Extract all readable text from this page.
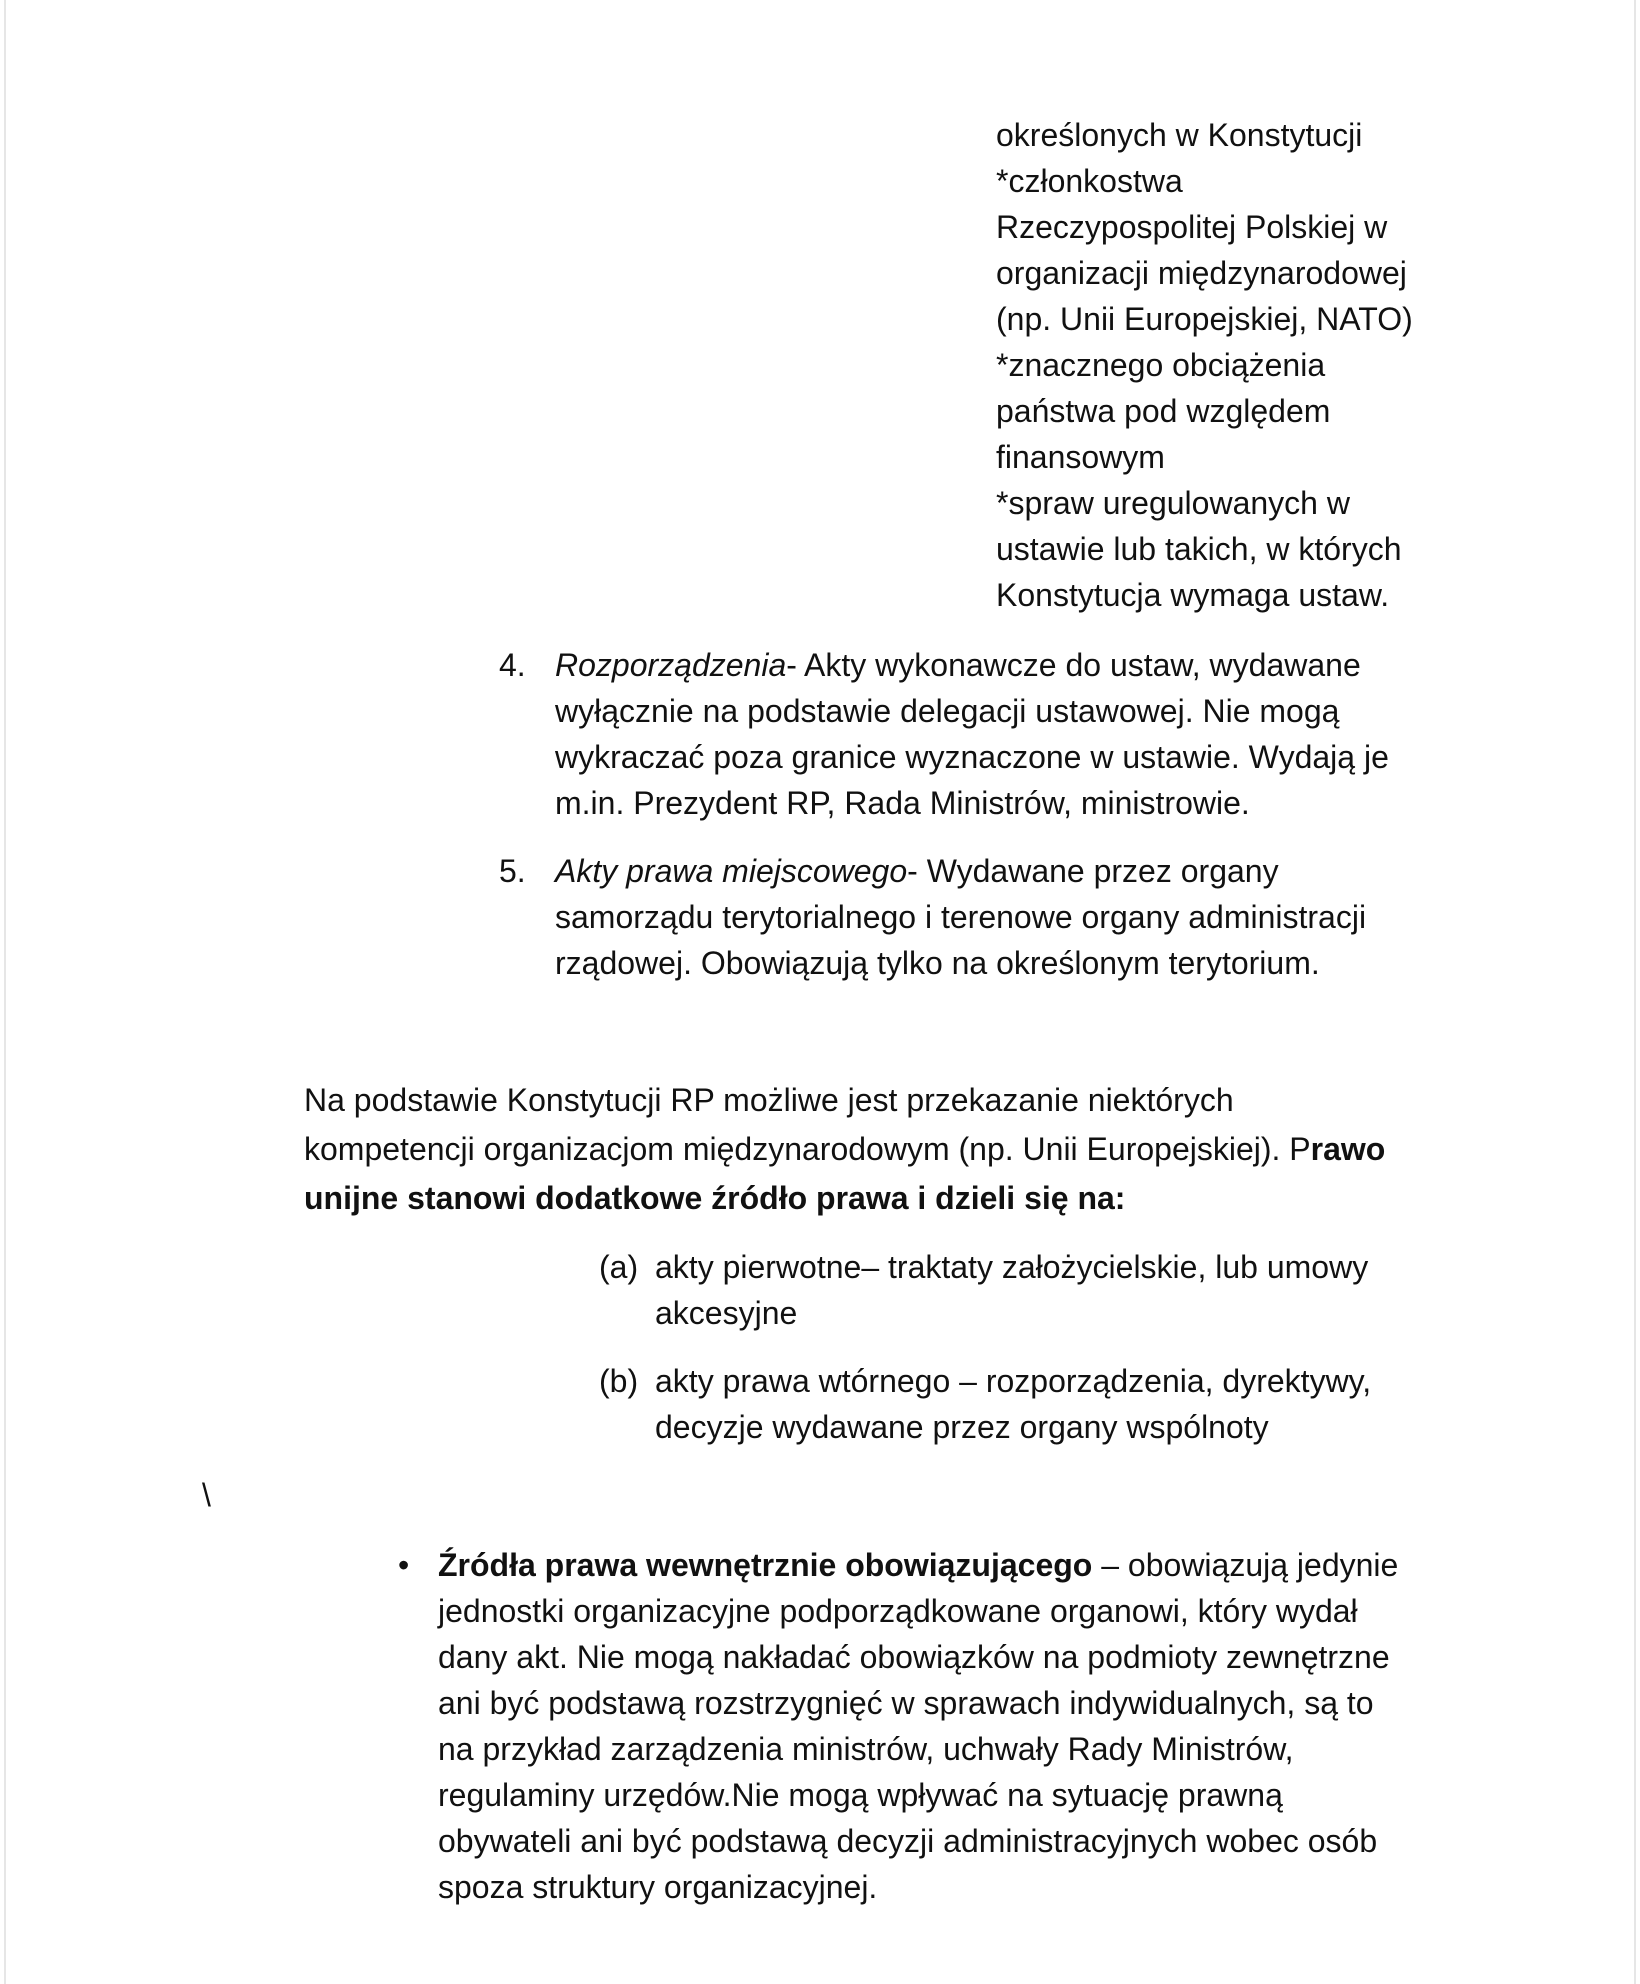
określonych w Konstytucji
*członkostwa
Rzeczypospolitej Polskiej w
organizacji międzynarodowej
(np. Unii Europejskiej, NATO)
*znacznego obciążenia
państwa pod względem
finansowym
*spraw uregulowanych w
ustawie lub takich, w których
Konstytucja wymaga ustaw.
4. Rozporządzenia- Akty wykonawcze do ustaw, wydawane
wyłącznie na podstawie delegacji ustawowej. Nie mogą
wykraczać poza granice wyznaczone w ustawie. Wydają je
m.in. Prezydent RP, Rada Ministrów, ministrowie.
5. Akty prawa miejscowego- Wydawane przez organy
samorządu terytorialnego i terenowe organy administracji
rządowej. Obowiązują tylko na określonym terytorium.
Na podstawie Konstytucji RP możliwe jest przekazanie niektórych
kompetencji organizacjom międzynarodowym (np. Unii Europejskiej). Prawo
unijne stanowi dodatkowe źródło prawa i dzieli się na:
(a) akty pierwotne– traktaty założycielskie, lub umowy
akcesyjne
(b) akty prawa wtórnego – rozporządzenia, dyrektywy,
decyzje wydawane przez organy wspólnoty
\
• Źródła prawa wewnętrznie obowiązującego – obowiązują jedynie
jednostki organizacyjne podporządkowane organowi, który wydał
dany akt. Nie mogą nakładać obowiązków na podmioty zewnętrzne
ani być podstawą rozstrzygnięć w sprawach indywidualnych, są to
na przykład zarządzenia ministrów, uchwały Rady Ministrów,
regulaminy urzędów.Nie mogą wpływać na sytuację prawną
obywateli ani być podstawą decyzji administracyjnych wobec osób
spoza struktury organizacyjnej.
